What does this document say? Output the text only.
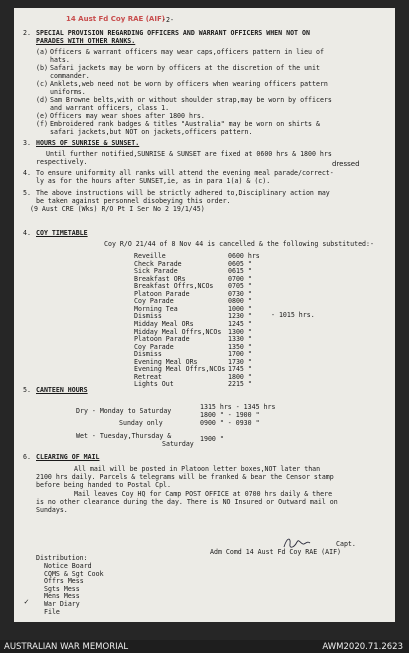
14 Aust Fd Coy RAE (AIF)
-2-
2. SPECIAL PROVISION REGARDING OFFICERS AND WARRANT OFFICERS WHEN NOT ON
PARADES WITH OTHER RANKS.
(a) Officers & warrant officers may wear caps,officers pattern in lieu of
hats.
(b) Safari jackets may be worn by officers at the discretion of the unit
commander.
(c) Anklets,web need not be worn by officers when wearing officers pattern
uniforms.
(d) Sam Browne belts,with or without shoulder strap,may be worn by officers
and warrant officers, class 1.
(e) Officers may wear shoes after 1800 hrs.
(f) Embroidered rank badges & titles "Australia" may be worn on shirts &
safari jackets,but NOT on jackets,officers pattern.
3. HOURS OF SUNRISE & SUNSET.
Until further notified,SUNRISE & SUNSET are fixed at 0600 hrs & 1800 hrs
respectively.	dressed
4. To ensure uniformity all ranks will attend the evening meal parade/correct-
ly as for the hours after SUNSET,ie, as in para 1(a) & (c).
5. The above instructions will be strictly adhered to,Disciplinary action may
be taken against personnel disobeying this order.
(9 Aust CRE (Wks) R/O Pt I Ser No 2 19/1/45)
4. COY TIMETABLE
Coy R/O 21/44 of 8 Nov 44 is cancelled & the following substituted:-
- 1015 hrs.
5. CANTEEN HOURS
Dry - Monday to Saturday	1315 hrs - 1345 hrs
1800 " - 1900 "
Sunday only	0900 " - 0930 "
Wet - Tuesday,Thursday &
Saturday
1900 "
6. CLEARING OF MAIL
All mail will be posted in Platoon letter boxes,NOT later than
2100 hrs daily. Parcels & telegrams will be franked & bear the Censor stamp
before being handed to Postal Cpl.
Mail leaves Coy HQ for Camp POST OFFICE at 0700 hrs daily & there
is no other clearance during the day. There is NO Insured or Outward mail on
Sundays.
Capt.
Adm Comd 14 Aust Fd Coy RAE (AIF)
Distribution:
✓
Reveille	0600 hrs
Check Parade	0605 "
Sick Parade	0615 "
Breakfast ORs	0700 "
Breakfast Offrs,NCOs 0705 "
Platoon Parade	0730 "
Coy Parade	0800 "
Morning Tea	1000 "
Dismiss	1230 "
Midday Meal ORs	1245 "
Midday Meal Offrs,NCOs 1300 "
Platoon Parade	1330 "
Coy Parade	1350 "
Dismiss	1700 "
Evening Meal ORs	1730 "
Evening Meal Offrs,NCOs 1745 "
Retreat	1800 "
Lights Out	2215 "
Notice Board
CQMS & Sgt Cook
Offrs Mess
Sgts Mess
Mens Mess
War Diary
File
AUSTRALIAN WAR MEMORIAL	AWM2020.71.2623
